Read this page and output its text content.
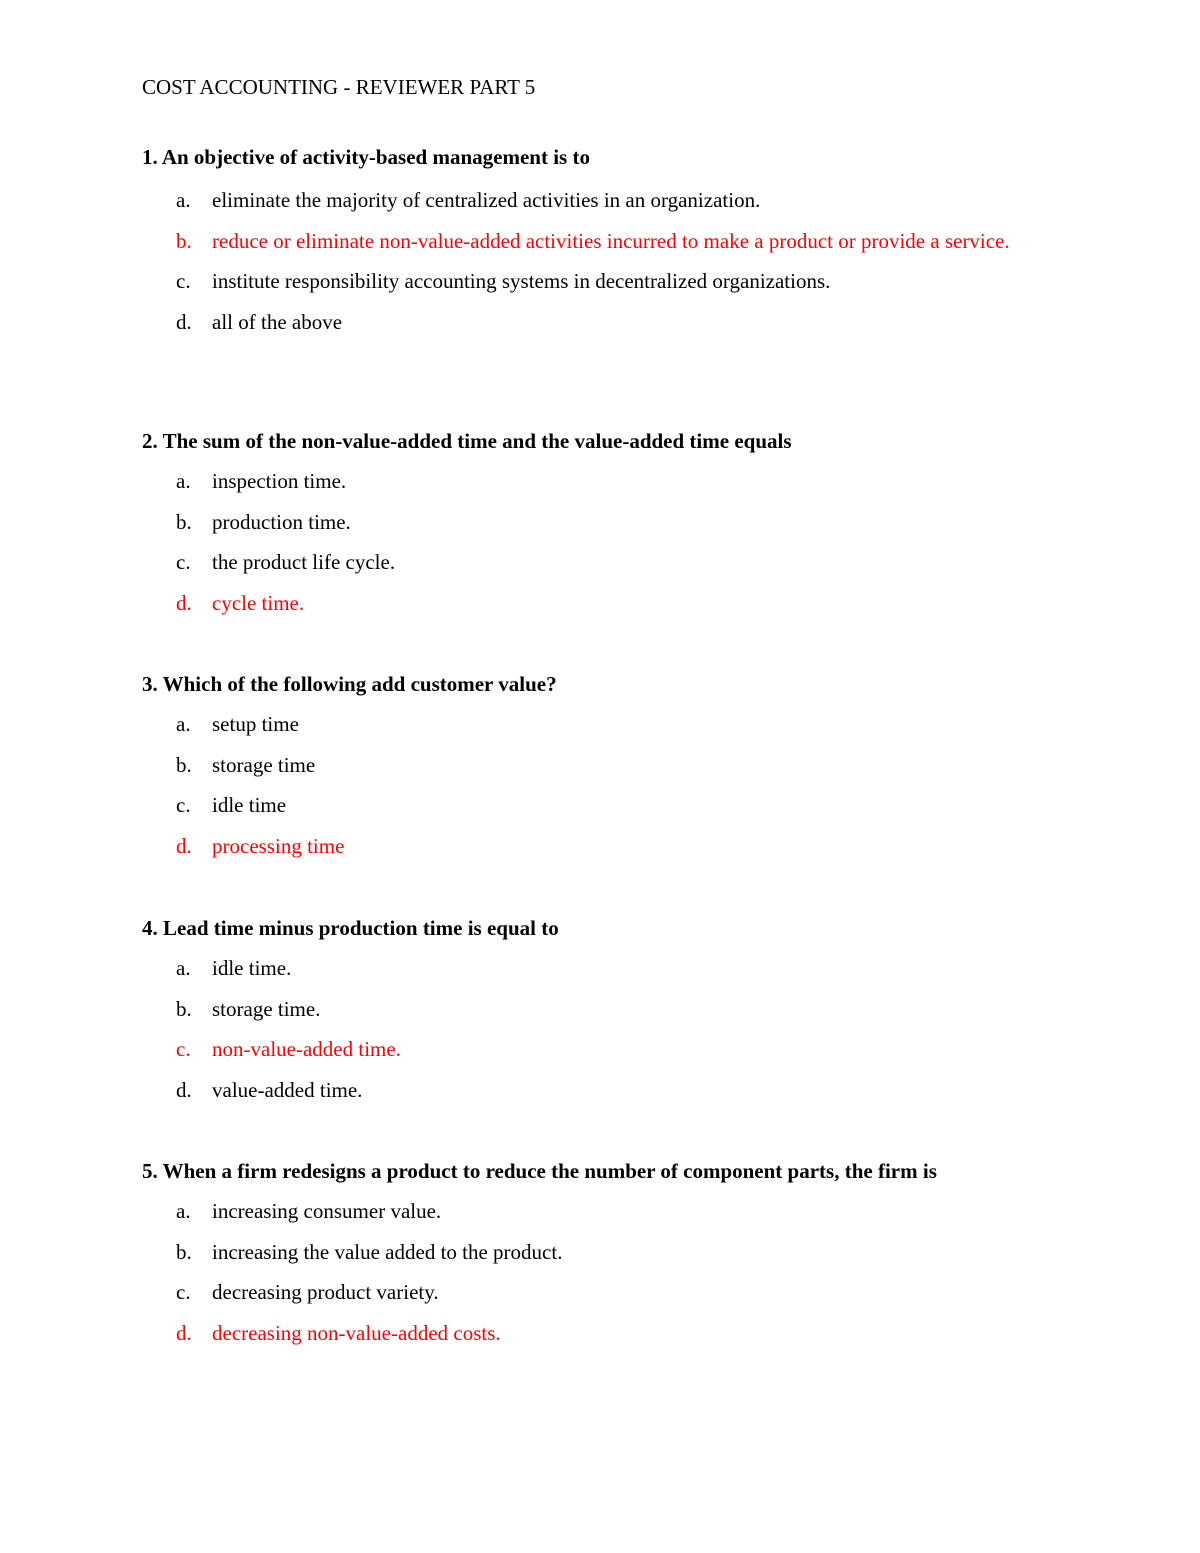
COST ACCOUNTING - REVIEWER PART 5
1. An objective of activity-based management is to
a. eliminate the majority of centralized activities in an organization.
b. reduce or eliminate non-value-added activities incurred to make a product or provide a service.
c. institute responsibility accounting systems in decentralized organizations.
d. all of the above
2. The sum of the non-value-added time and the value-added time equals
a. inspection time.
b. production time.
c. the product life cycle.
d. cycle time.
3. Which of the following add customer value?
a. setup time
b. storage time
c. idle time
d. processing time
4. Lead time minus production time is equal to
a. idle time.
b. storage time.
c. non-value-added time.
d. value-added time.
5. When a firm redesigns a product to reduce the number of component parts, the firm is
a. increasing consumer value.
b. increasing the value added to the product.
c. decreasing product variety.
d. decreasing non-value-added costs.
